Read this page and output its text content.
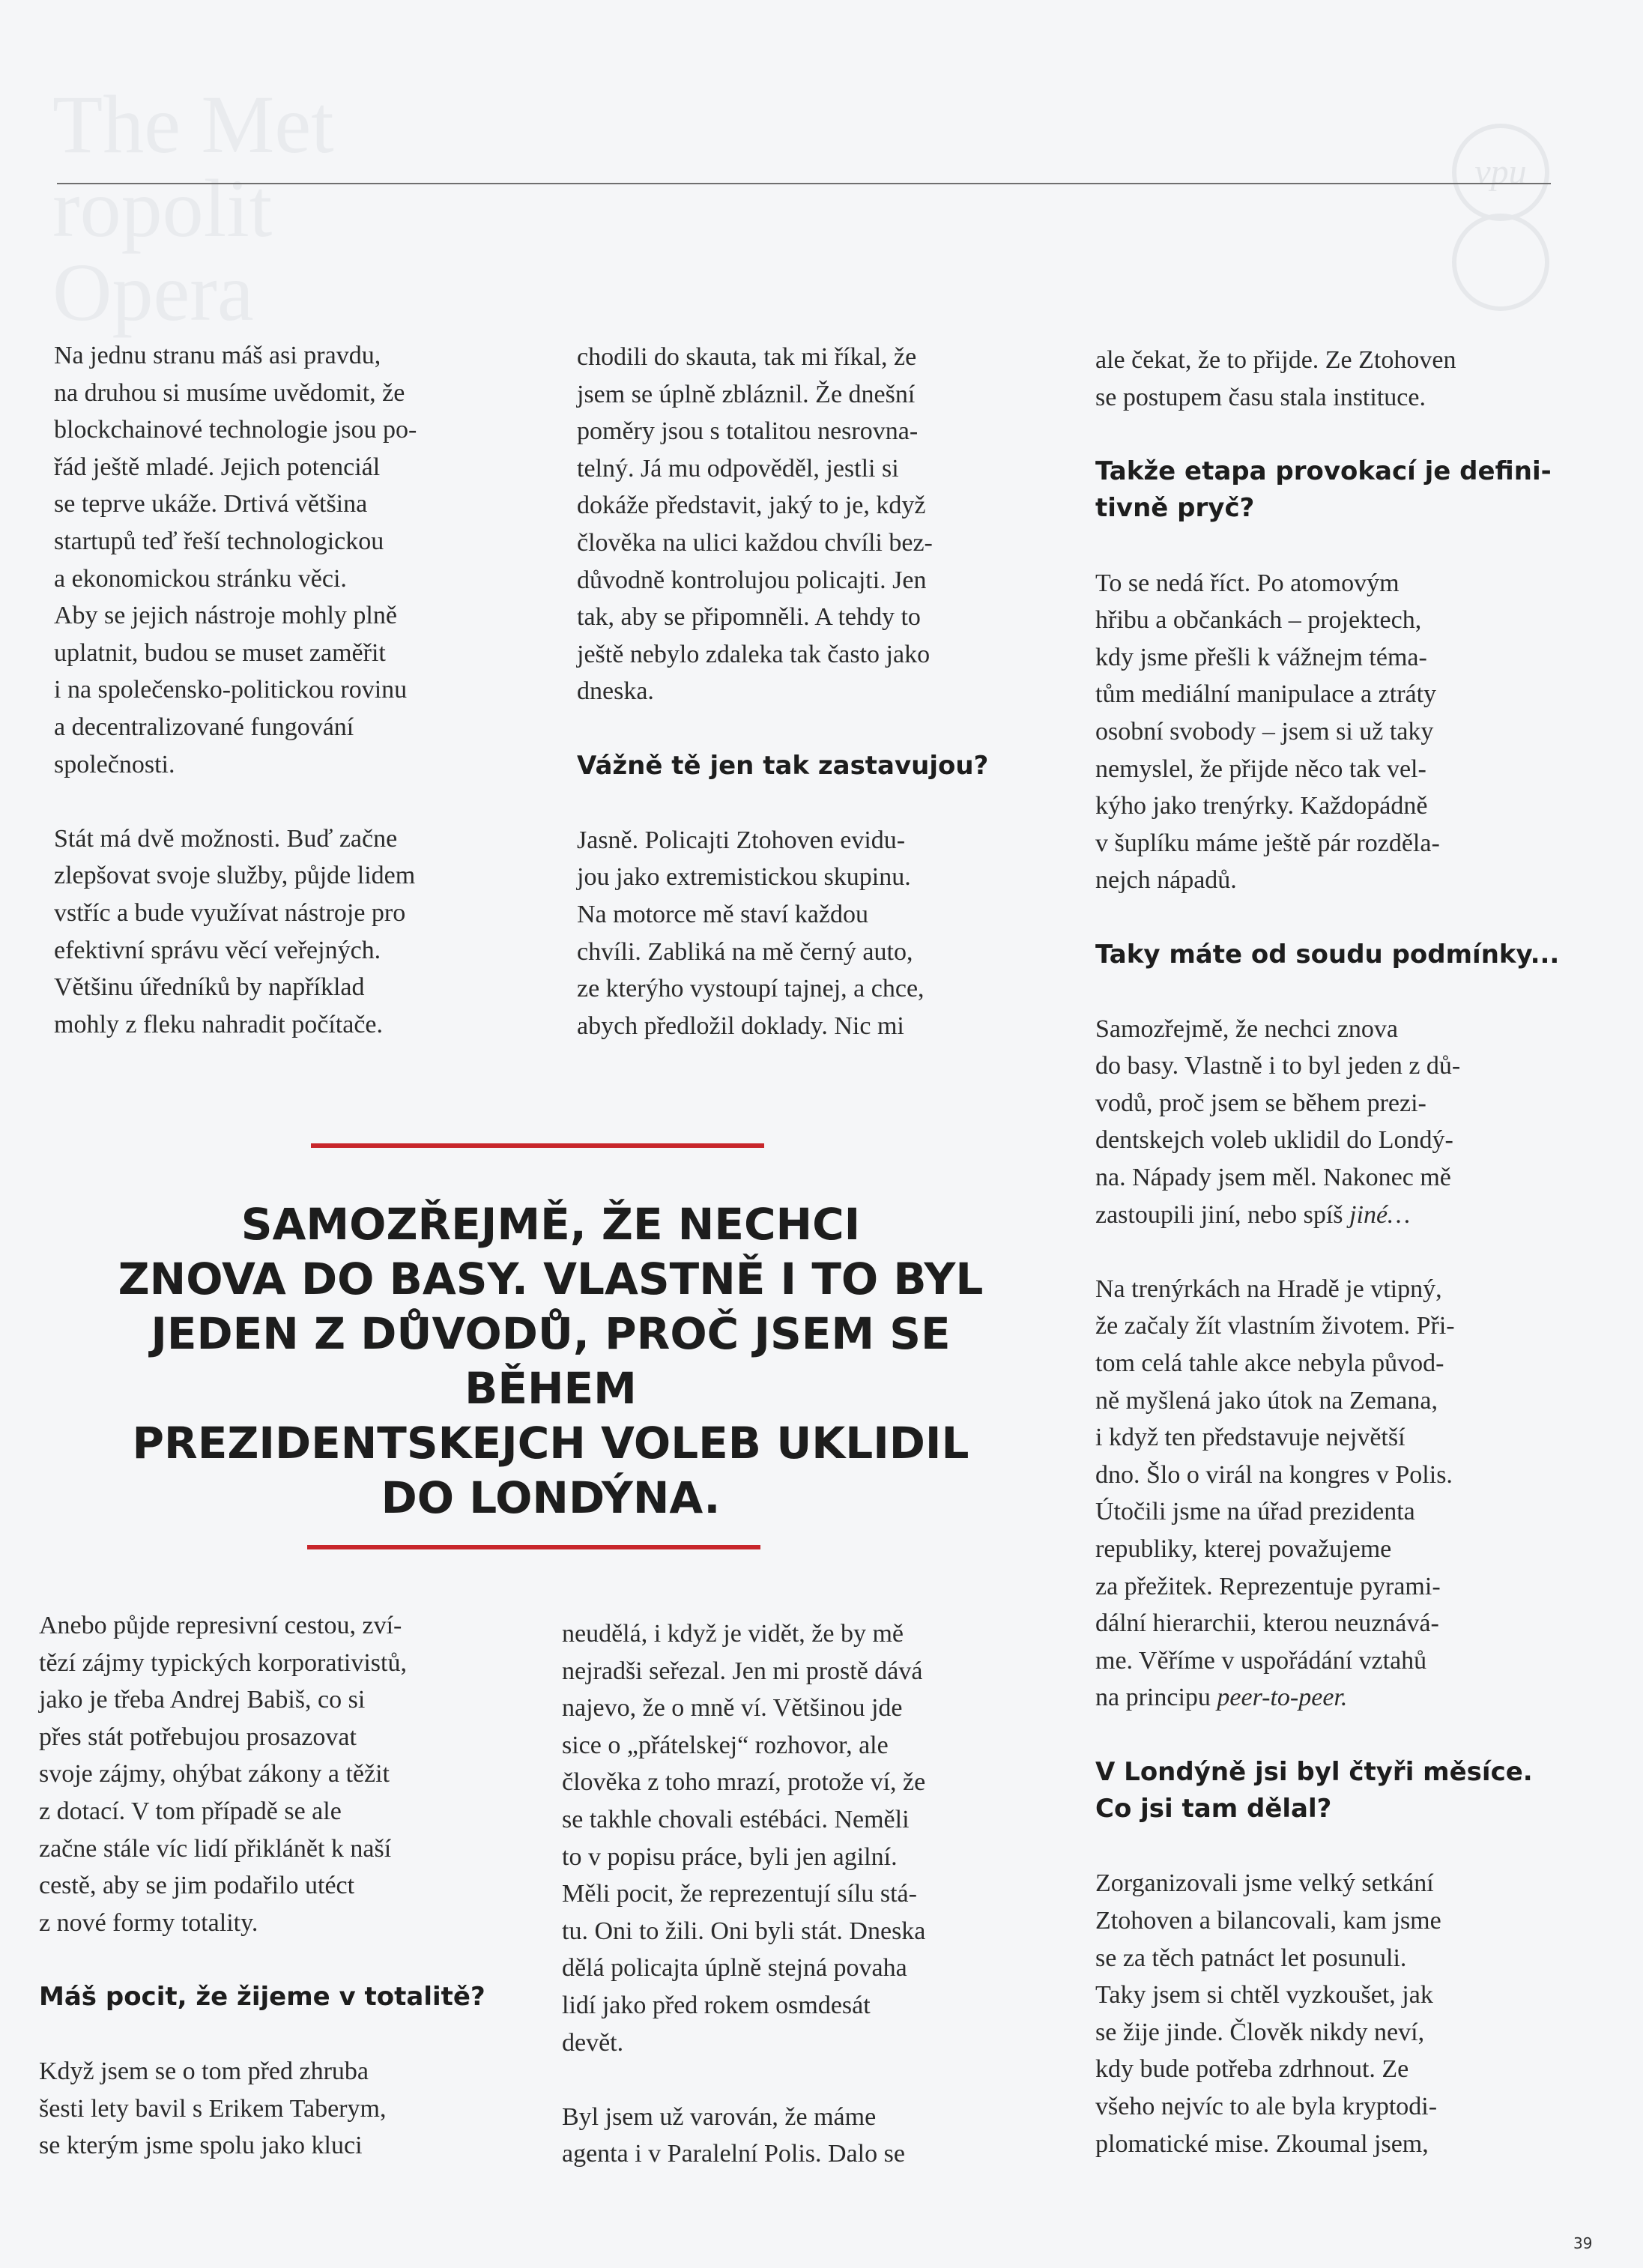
The Met
ropolit
Opera
vpu

Na jednu stranu máš asi pravdu,
na druhou si musíme uvědomit, že
blockchainové technologie jsou po-
řád ještě mladé. Jejich potenciál
se teprve ukáže. Drtivá většina
startupů teď řeší technologickou
a ekonomickou stránku věci.
Aby se jejich nástroje mohly plně
uplatnit, budou se muset zaměřit
i na společensko-politickou rovinu
a decentralizované fungování
společnosti.

Stát má dvě možnosti. Buď začne
zlepšovat svoje služby, půjde lidem
vstříc a bude využívat nástroje pro
efektivní správu věcí veřejných.
Většinu úředníků by například
mohly z fleku nahradit počítače.

chodili do skauta, tak mi říkal, že
jsem se úplně zbláznil. Že dnešní
poměry jsou s totalitou nesrovna-
telný. Já mu odpověděl, jestli si
dokáže představit, jaký to je, když
člověka na ulici každou chvíli bez-
důvodně kontrolujou policajti. Jen
tak, aby se připomněli. A tehdy to
ještě nebylo zdaleka tak často jako
dneska.

Vážně tě jen tak zastavujou?

Jasně. Policajti Ztohoven evidu-
jou jako extremistickou skupinu.
Na motorce mě staví každou
chvíli. Zabliká na mě černý auto,
ze kterýho vystoupí tajnej, a chce,
abych předložil doklady. Nic mi

SAMOZŘEJMĚ, ŽE NECHCI
ZNOVA DO BASY. VLASTNĚ I TO BYL
JEDEN Z DŮVODŮ, PROČ JSEM SE BĚHEM
PREZIDENTSKEJCH VOLEB UKLIDIL
DO LONDÝNA.

Anebo půjde represivní cestou, zví-
tězí zájmy typických korporativistů,
jako je třeba Andrej Babiš, co si
přes stát potřebujou prosazovat
svoje zájmy, ohýbat zákony a těžit
z dotací. V tom případě se ale
začne stále víc lidí přiklánět k naší
cestě, aby se jim podařilo utéct
z nové formy totality.

Máš pocit, že žijeme v totalitě?

Když jsem se o tom před zhruba
šesti lety bavil s Erikem Taberym,
se kterým jsme spolu jako kluci

neudělá, i když je vidět, že by mě
nejradši seřezal. Jen mi prostě dává
najevo, že o mně ví. Většinou jde
sice o „přátelskej“ rozhovor, ale
člověka z toho mrazí, protože ví, že
se takhle chovali estébáci. Neměli
to v popisu práce, byli jen agilní.
Měli pocit, že reprezentují sílu stá-
tu. Oni to žili. Oni byli stát. Dneska
dělá policajta úplně stejná povaha
lidí jako před rokem osmdesát
devět.

Byl jsem už varován, že máme
agenta i v Paralelní Polis. Dalo se

ale čekat, že to přijde. Ze Ztohoven
se postupem času stala instituce.

Takže etapa provokací je defini-
tivně pryč?

To se nedá říct. Po atomovým
hřibu a občankách – projektech,
kdy jsme přešli k vážnejm téma-
tům mediální manipulace a ztráty
osobní svobody – jsem si už taky
nemyslel, že přijde něco tak vel-
kýho jako trenýrky. Každopádně
v šuplíku máme ještě pár rozděla-
nejch nápadů.

Taky máte od soudu podmínky...

Samozřejmě, že nechci znova
do basy. Vlastně i to byl jeden z dů-
vodů, proč jsem se během prezi-
dentskejch voleb uklidil do Londý-
na. Nápady jsem měl. Nakonec mě
zastoupili jiní, nebo spíš jiné…

Na trenýrkách na Hradě je vtipný,
že začaly žít vlastním životem. Při-
tom celá tahle akce nebyla původ-
ně myšlená jako útok na Zemana,
i když ten představuje největší
dno. Šlo o virál na kongres v Polis.
Útočili jsme na úřad prezidenta
republiky, kterej považujeme
za přežitek. Reprezentuje pyrami-
dální hierarchii, kterou neuznává-
me. Věříme v uspořádání vztahů
na principu peer-to-peer.

V Londýně jsi byl čtyři měsíce.
Co jsi tam dělal?

Zorganizovali jsme velký setkání
Ztohoven a bilancovali, kam jsme
se za těch patnáct let posunuli.
Taky jsem si chtěl vyzkoušet, jak
se žije jinde. Člověk nikdy neví,
kdy bude potřeba zdrhnout. Ze
všeho nejvíc to ale byla kryptodi-
plomatické mise. Zkoumal jsem,

39
